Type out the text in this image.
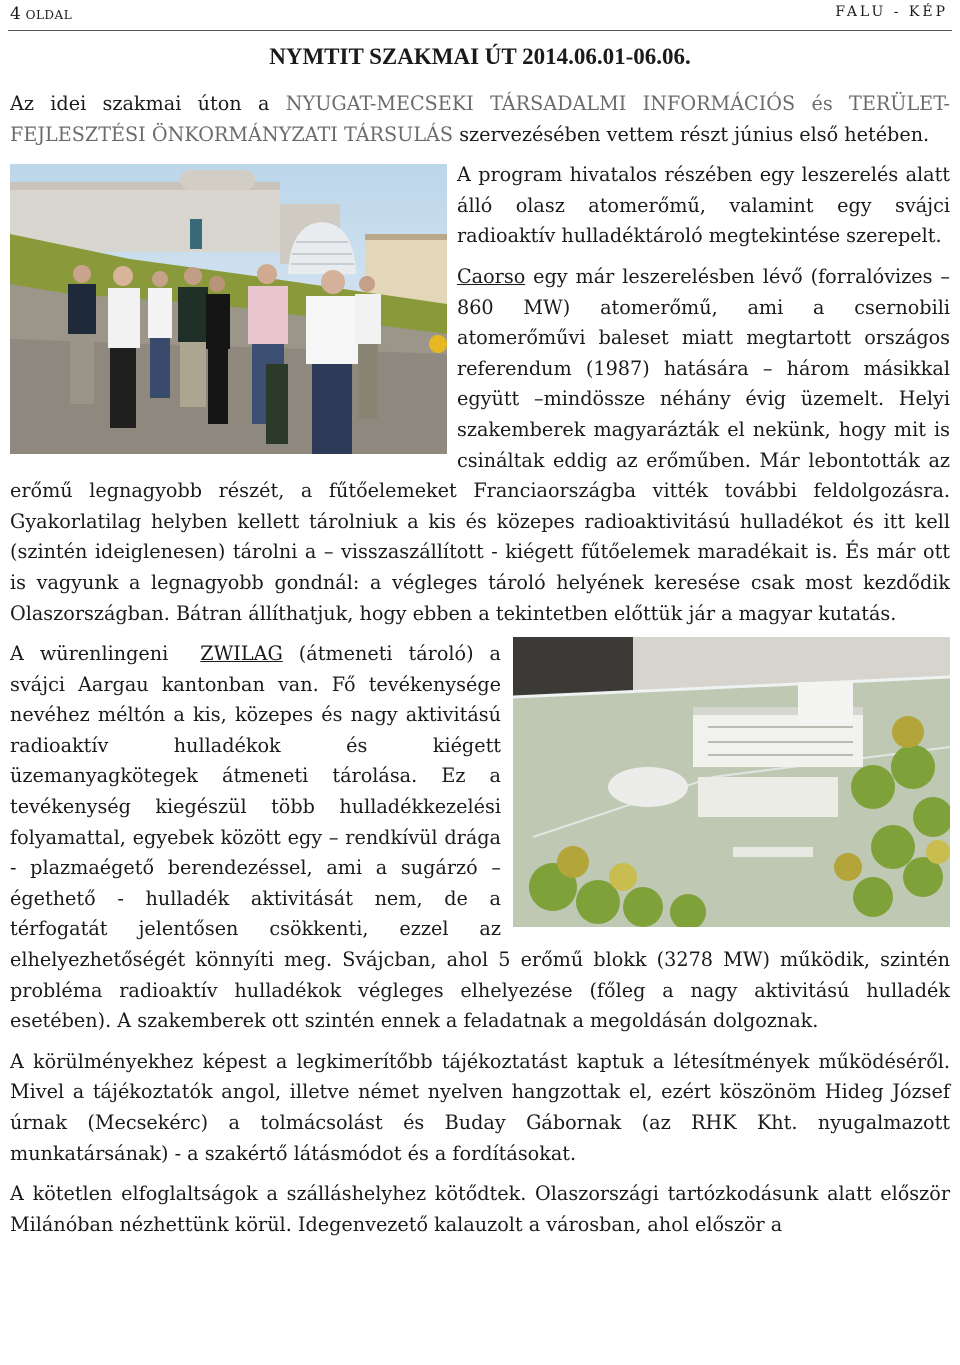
4 OLDAL	FALU - KÉP
NYMTIT SZAKMAI ÚT 2014.06.01-06.06.

Az idei szakmai úton a NYUGAT-MECSEKI TÁRSADALMI INFORMÁCIÓS és TERÜLET-FEJLESZTÉSI ÖNKORMÁNYZATI TÁRSULÁS szervezésében vettem részt június első hetében.

A program hivatalos részében egy leszerelés alatt álló olasz atomerőmű, valamint egy svájci radioaktív hulladéktároló megtekintése szerepelt.

Caorso egy már leszerelésben lévő (forralóvizes – 860 MW) atomerőmű, ami a csernobili atomerőművi baleset miatt megtartott országos referendum (1987) hatására – három másikkal együtt –mindössze néhány évig üzemelt. Helyi szakemberek magyarázták el nekünk, hogy mit is csináltak eddig az erőműben. Már lebontották az erőmű legnagyobb részét, a fűtőelemeket Franciaországba vitték további feldolgozásra. Gyakorlatilag helyben kellett tárolniuk a kis és közepes radioaktivitású hulladékot és itt kell (szintén ideiglenesen) tárolni a – visszaszállított - kiégett fűtőelemek maradékait is. És már ott is vagyunk a legnagyobb gondnál: a végleges tároló helyének keresése csak most kezdődik Olaszországban. Bátran állíthatjuk, hogy ebben a tekintetben előttük jár a magyar kutatás.

A würenlingeni ZWILAG (átmeneti tároló) a svájci Aargau kantonban van. Fő tevékenysége nevéhez méltón a kis, közepes és nagy aktivitású radioaktív hulladékok és kiégett üzemanyagkötegek átmeneti tárolása. Ez a tevékenység kiegészül több hulladékkezelési folyamattal, egyebek között egy – rendkívül drága - plazmaégető berendezéssel, ami a sugárzó – égethető - hulladék aktivitását nem, de a térfogatát jelentősen csökkenti, ezzel az elhelyezhetőségét könnyíti meg. Svájcban, ahol 5 erőmű blokk (3278 MW) működik, szintén probléma radioaktív hulladékok végleges elhelyezése (főleg a nagy aktivitású hulladék esetében). A szakemberek ott szintén ennek a feladatnak a megoldásán dolgoznak.

A körülményekhez képest a legkimerítőbb tájékoztatást kaptuk a létesítmények működéséről. Mivel a tájékoztatók angol, illetve német nyelven hangzottak el, ezért köszönöm Hideg József úrnak (Mecsekérc) a tolmácsolást és Buday Gábornak (az RHK Kht. nyugalmazott munkatársának) - a szakértő látásmódot és a fordításokat.

A kötetlen elfoglaltságok a szálláshelyhez kötődtek. Olaszországi tartózkodásunk alatt először Milánóban nézhettünk körül. Idegenvezető kalauzolt a városban, ahol először a
